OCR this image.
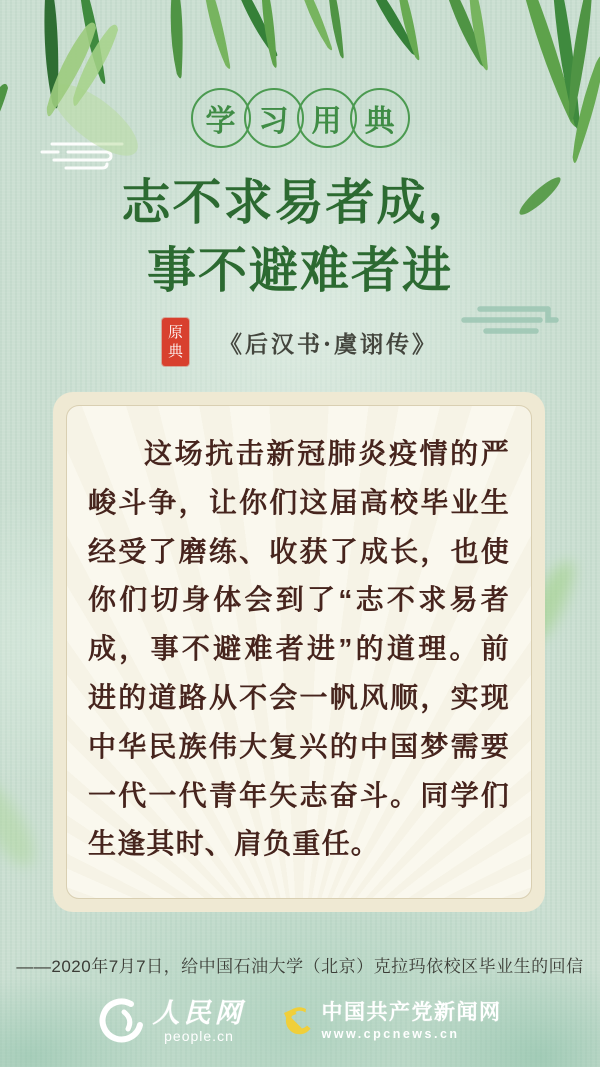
学 习 用 典
志不求易者成，
事不避难者进
原
典 《后汉书·虞诩传》

这场抗击新冠肺炎疫情的严峻斗争，让你们这届高校毕业生经受了磨练、收获了成长，也使你们切身体会到了“志不求易者成，事不避难者进”的道理。前进的道路从不会一帆风顺，实现中华民族伟大复兴的中国梦需要一代一代青年矢志奋斗。同学们生逢其时、肩负重任。

——2020年7月7日，给中国石油大学（北京）克拉玛依校区毕业生的回信
人民网
people.cn
中国共产党新闻网
www.cpcnews.cn
